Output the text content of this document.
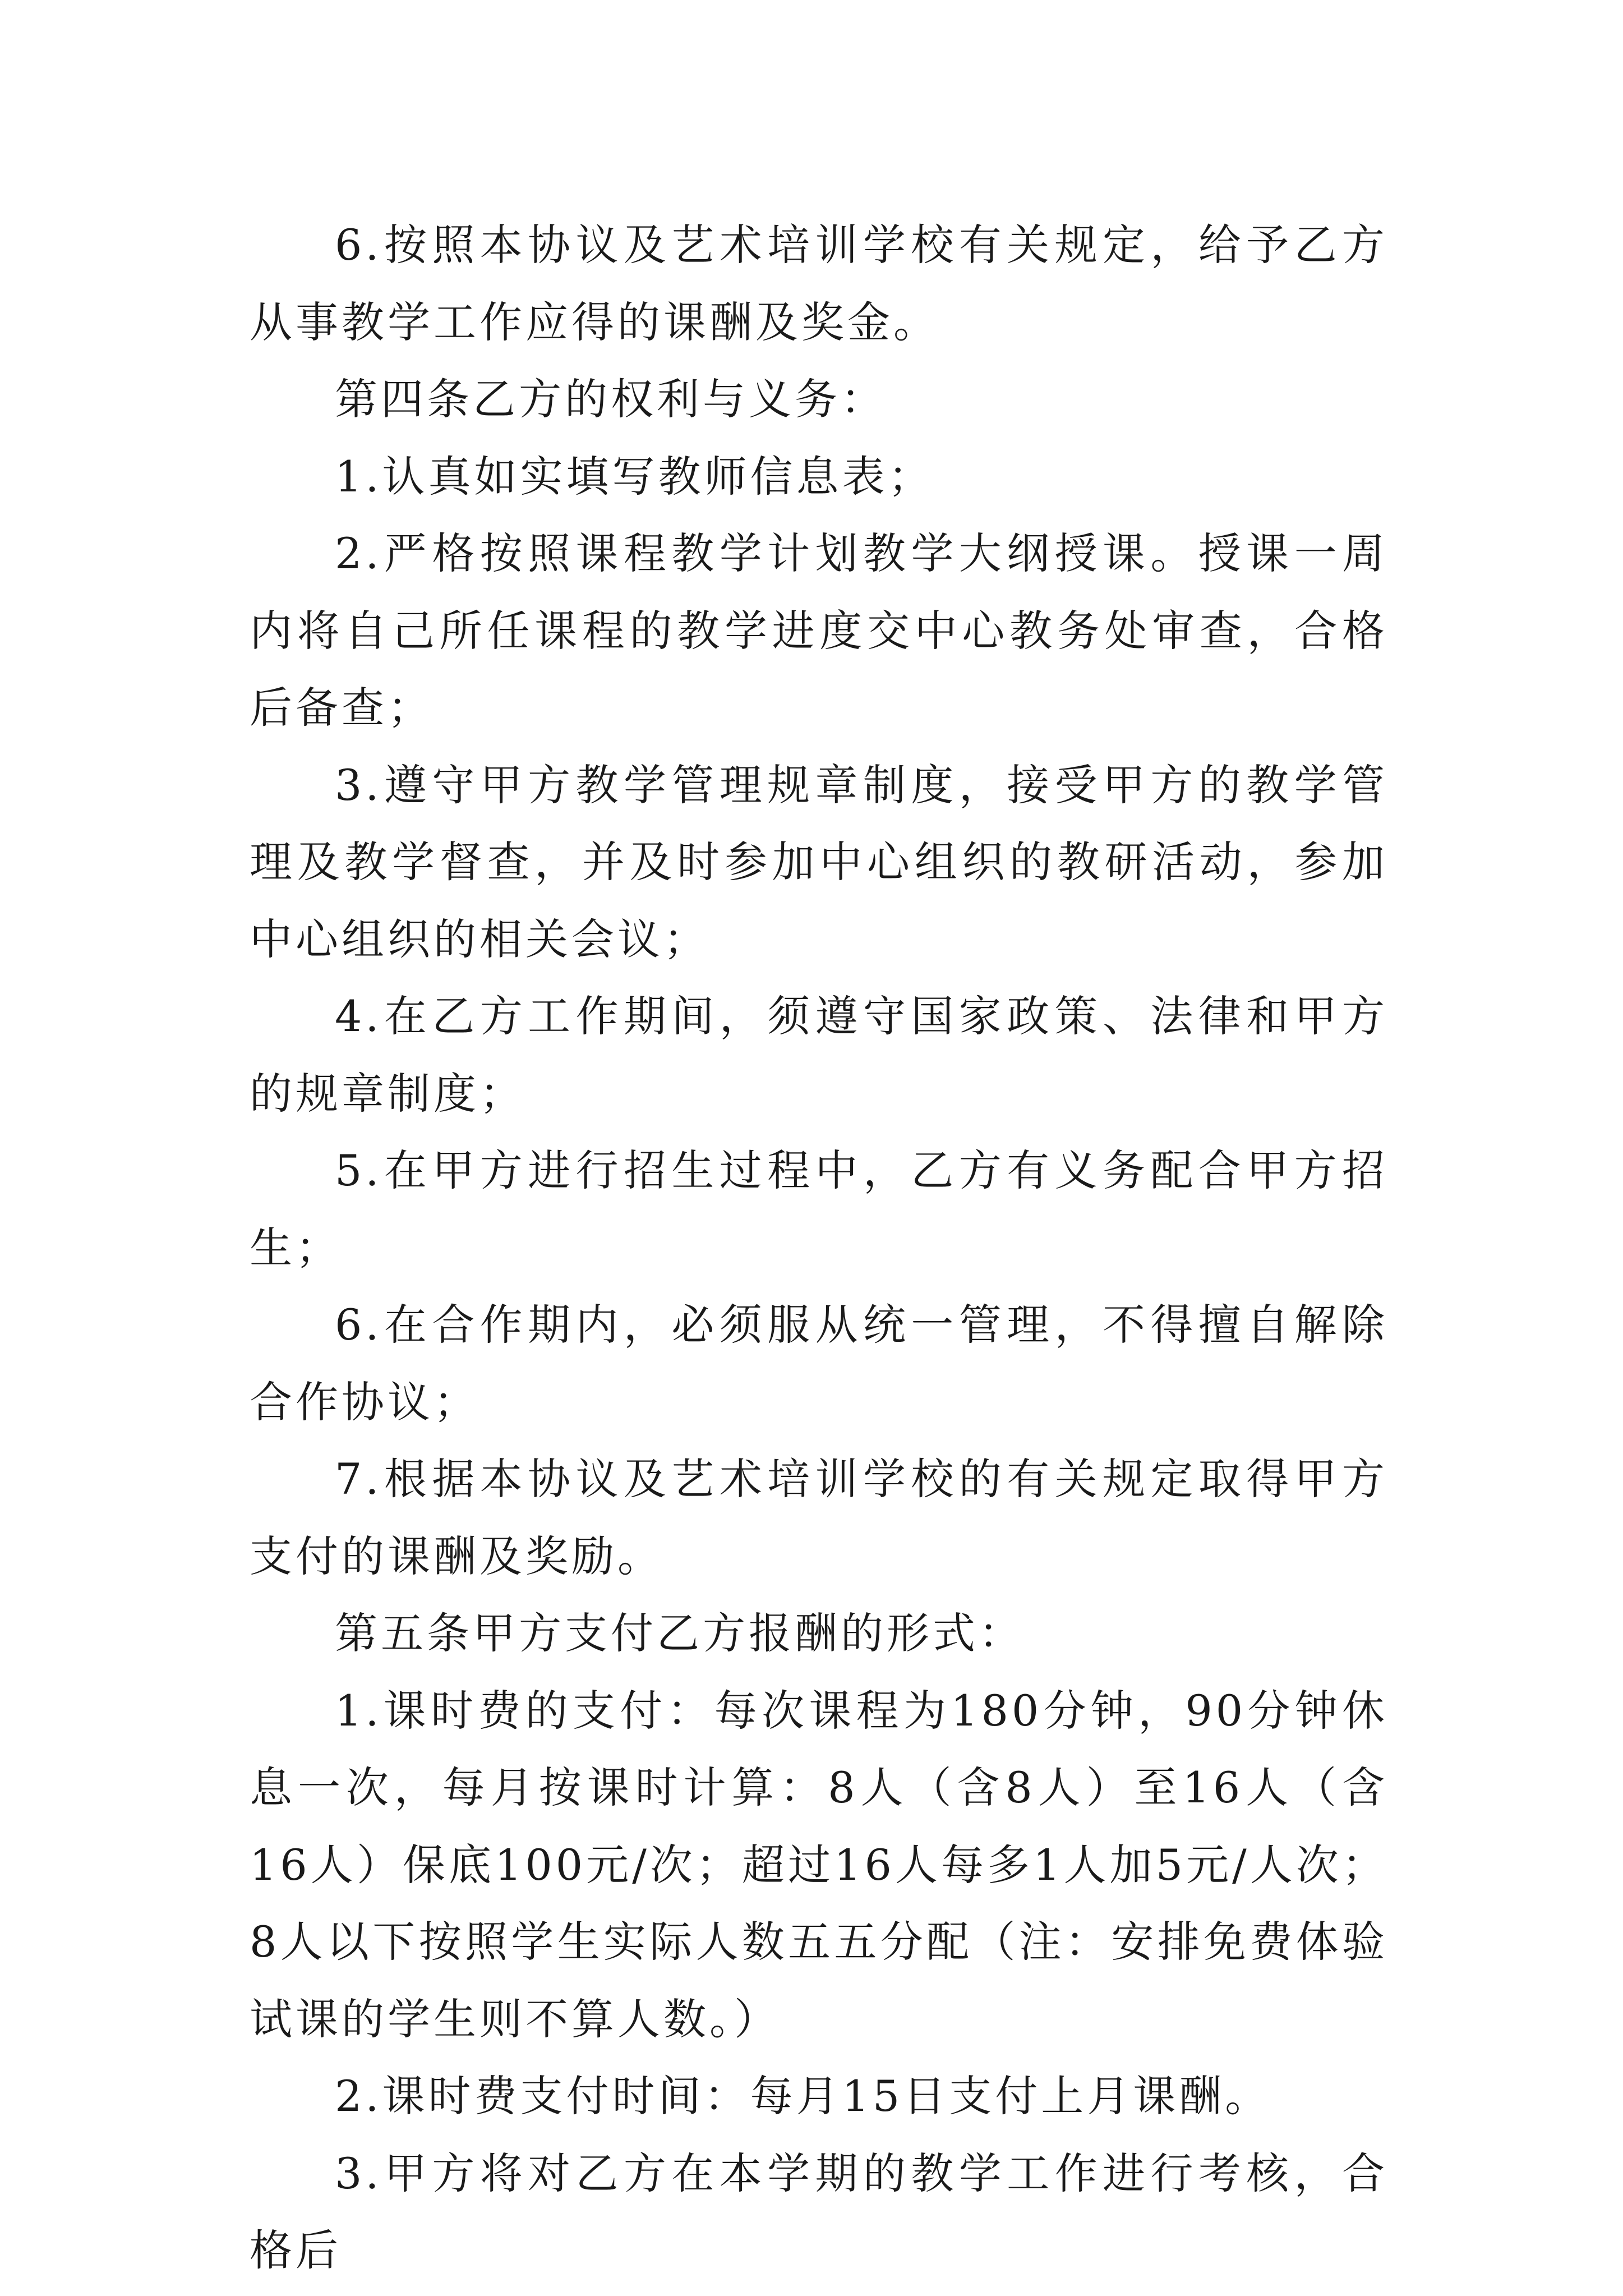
6.按照本协议及艺术培训学校有关规定，给予乙方从事教学工作应得的课酬及奖金。

第四条乙方的权利与义务：

1.认真如实填写教师信息表；

2.严格按照课程教学计划教学大纲授课。授课一周内将自己所任课程的教学进度交中心教务处审查，合格后备查；

3.遵守甲方教学管理规章制度，接受甲方的教学管理及教学督查，并及时参加中心组织的教研活动，参加中心组织的相关会议；

4.在乙方工作期间，须遵守国家政策、法律和甲方的规章制度；

5.在甲方进行招生过程中，乙方有义务配合甲方招生；

6.在合作期内，必须服从统一管理，不得擅自解除合作协议；

7.根据本协议及艺术培训学校的有关规定取得甲方支付的课酬及奖励。

第五条甲方支付乙方报酬的形式：

1.课时费的支付：每次课程为180分钟，90分钟休息一次，每月按课时计算：8人（含8人）至16人（含16人）保底100元/次；超过16人每多1人加5元/人次；8人以下按照学生实际人数五五分配（注：安排免费体验试课的学生则不算人数。）

2.课时费支付时间：每月15日支付上月课酬。

3.甲方将对乙方在本学期的教学工作进行考核，合格后
